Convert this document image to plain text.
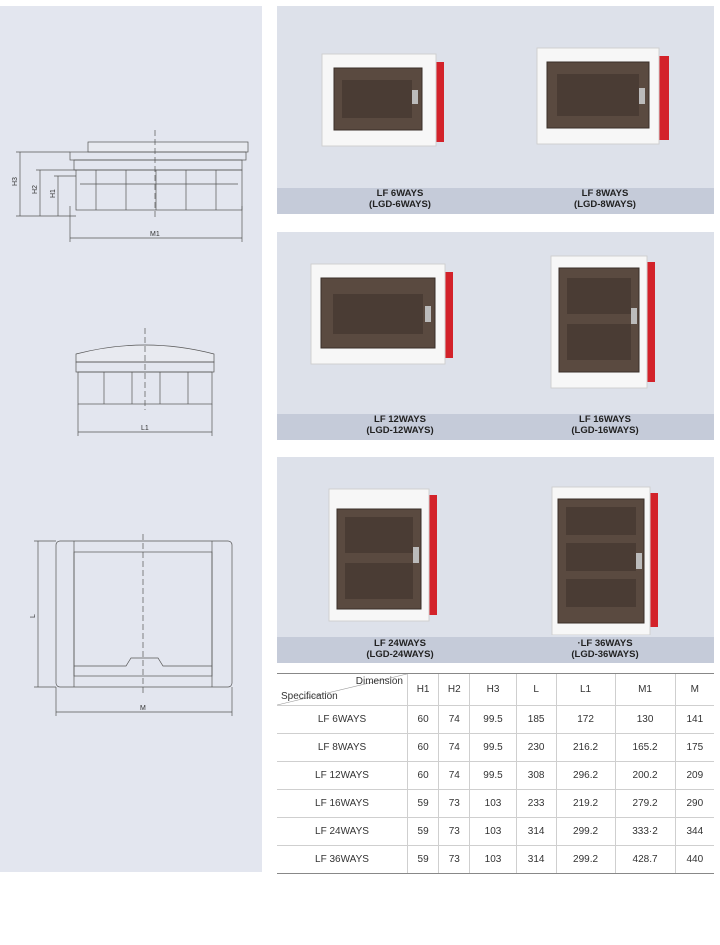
H3
H2 H1
M1
L1
L
M
LF 6WAYS
(LGD-6WAYS)
LF 8WAYS
(LGD-8WAYS)
LF 12WAYS
(LGD-12WAYS)
LF 16WAYS
(LGD-16WAYS)
LF 24WAYS
(LGD-24WAYS)
·LF 36WAYS
(LGD-36WAYS)
Dimension
Specification	H1	H2	H3	L	L1	M1	M
LF 6WAYS	60	74	99.5	185	172	130	141
LF 8WAYS	60	74	99.5	230	216.2	165.2	175
LF 12WAYS	60	74	99.5	308	296.2	200.2	209
LF 16WAYS	59	73	103	233	219.2	279.2	290
LF 24WAYS	59	73	103	314	299.2	333·2	344
LF 36WAYS	59	73	103	314	299.2	428.7	440
